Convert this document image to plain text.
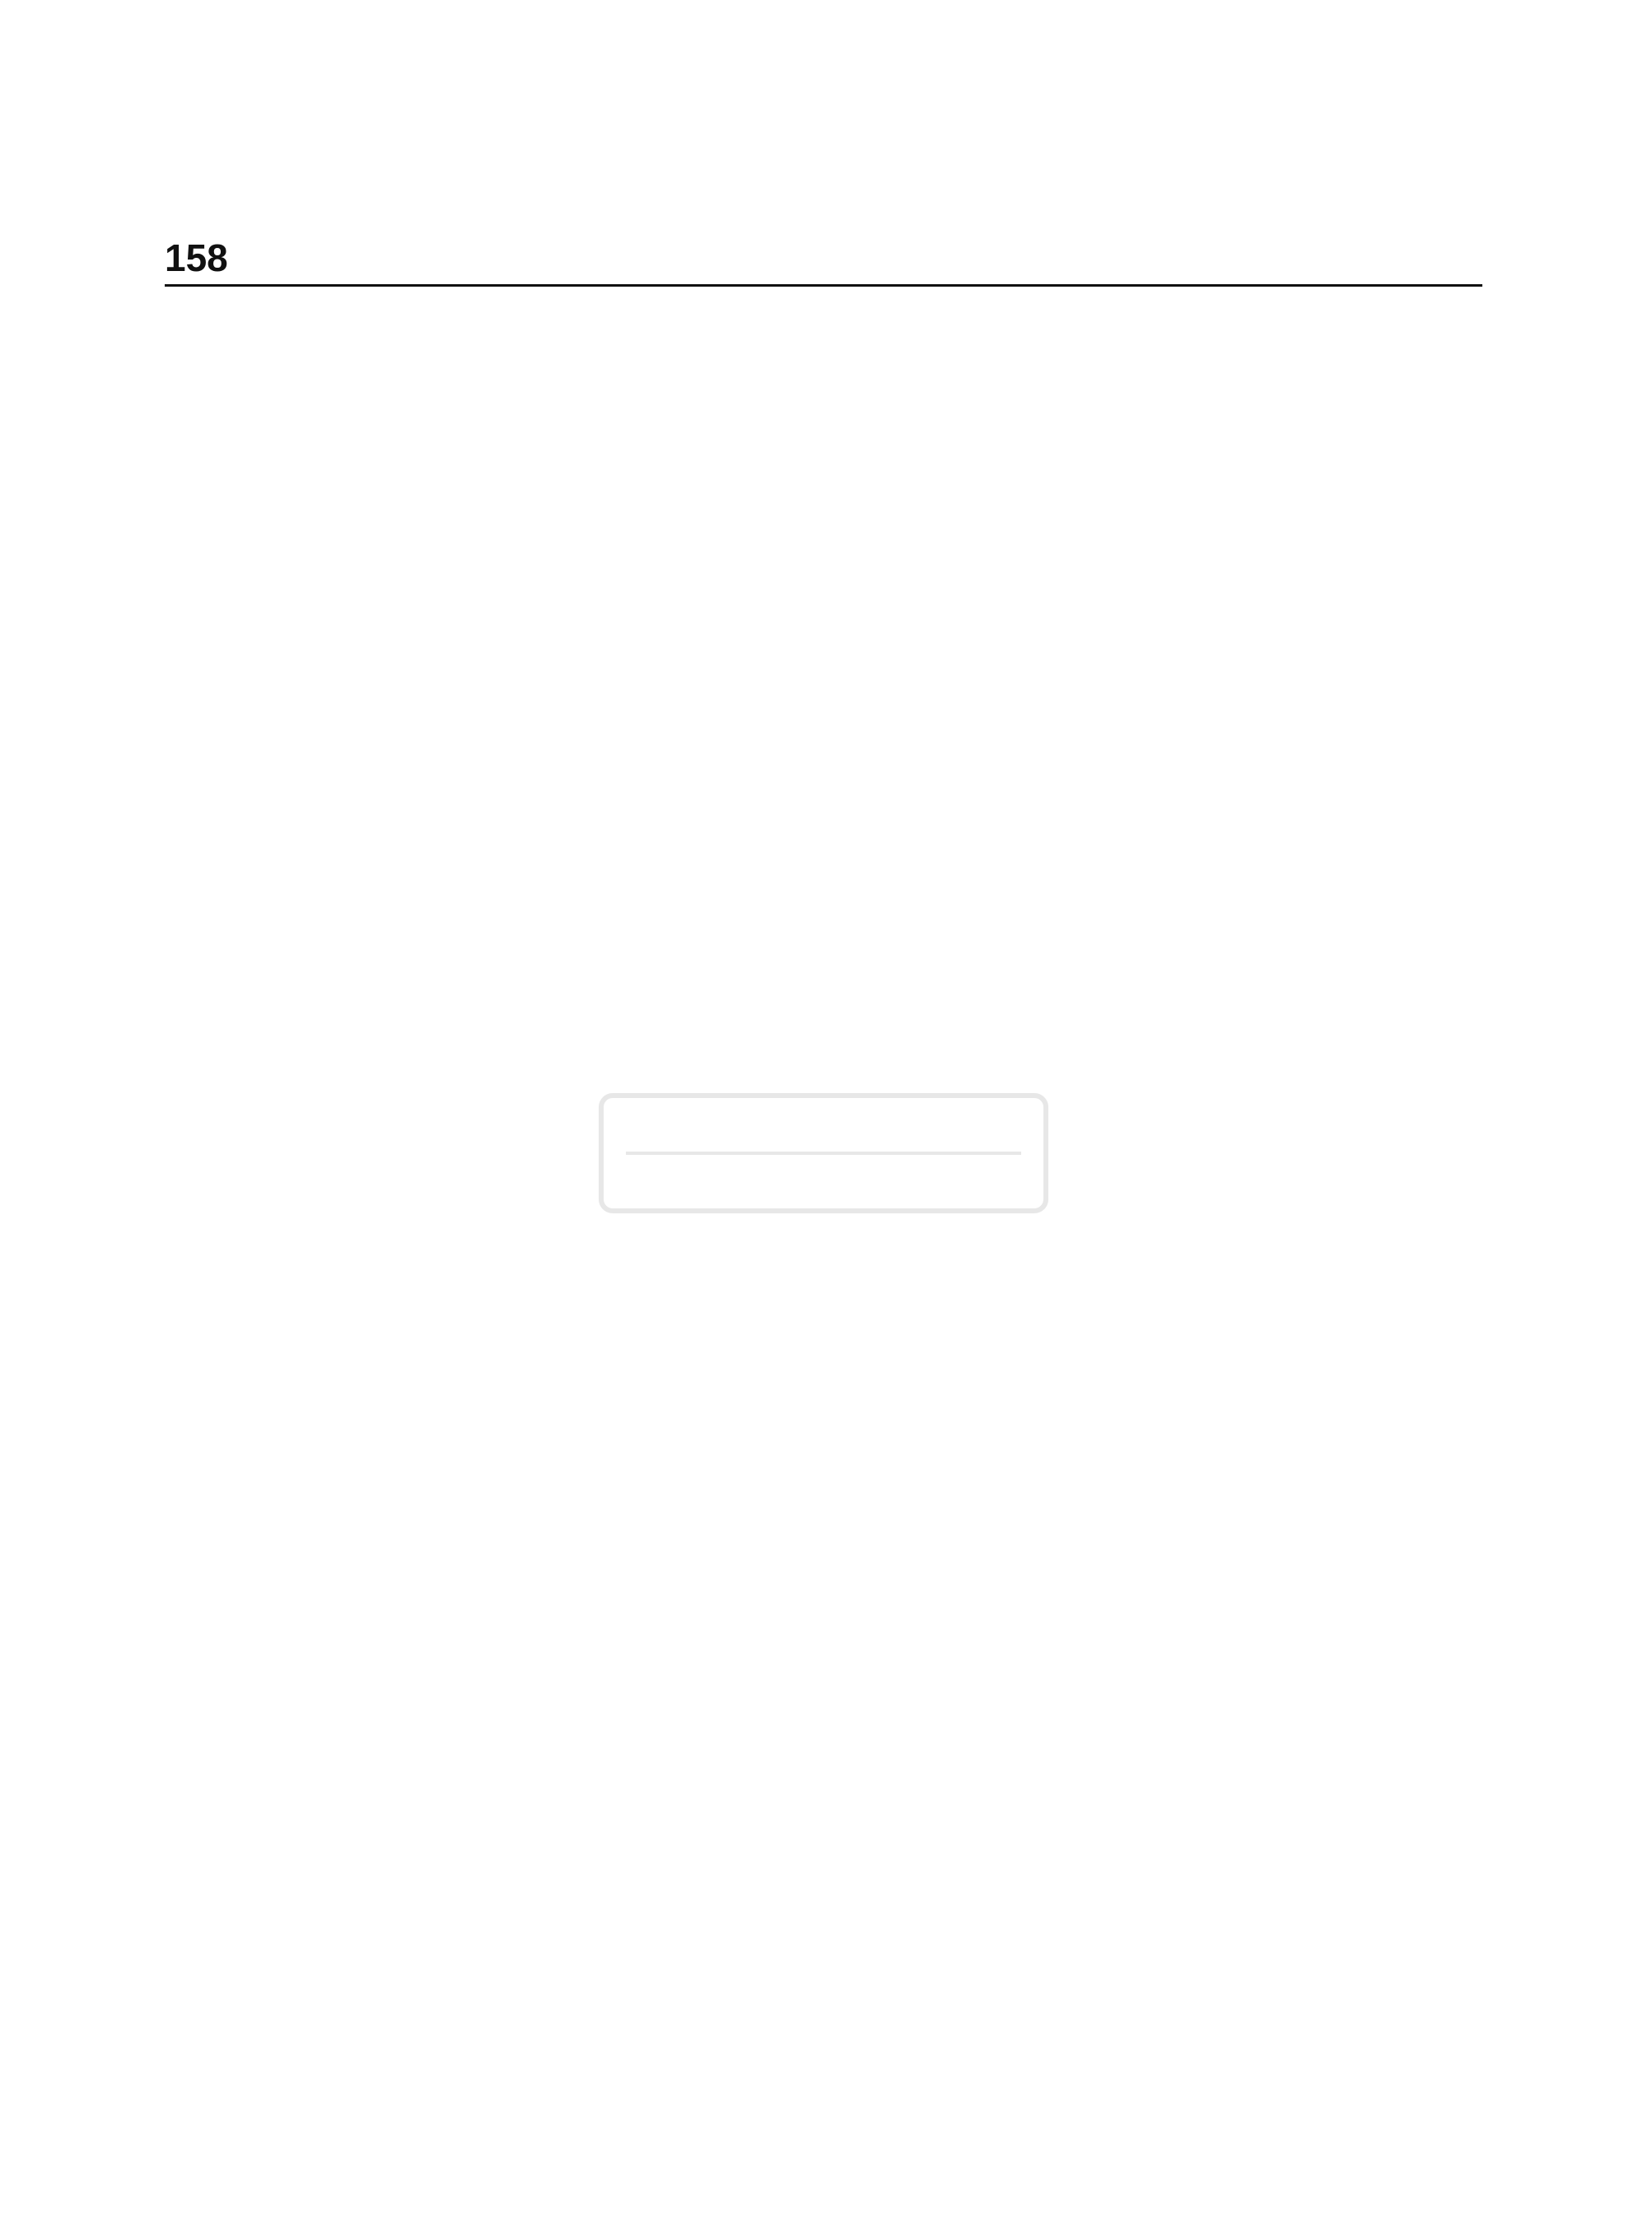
158
